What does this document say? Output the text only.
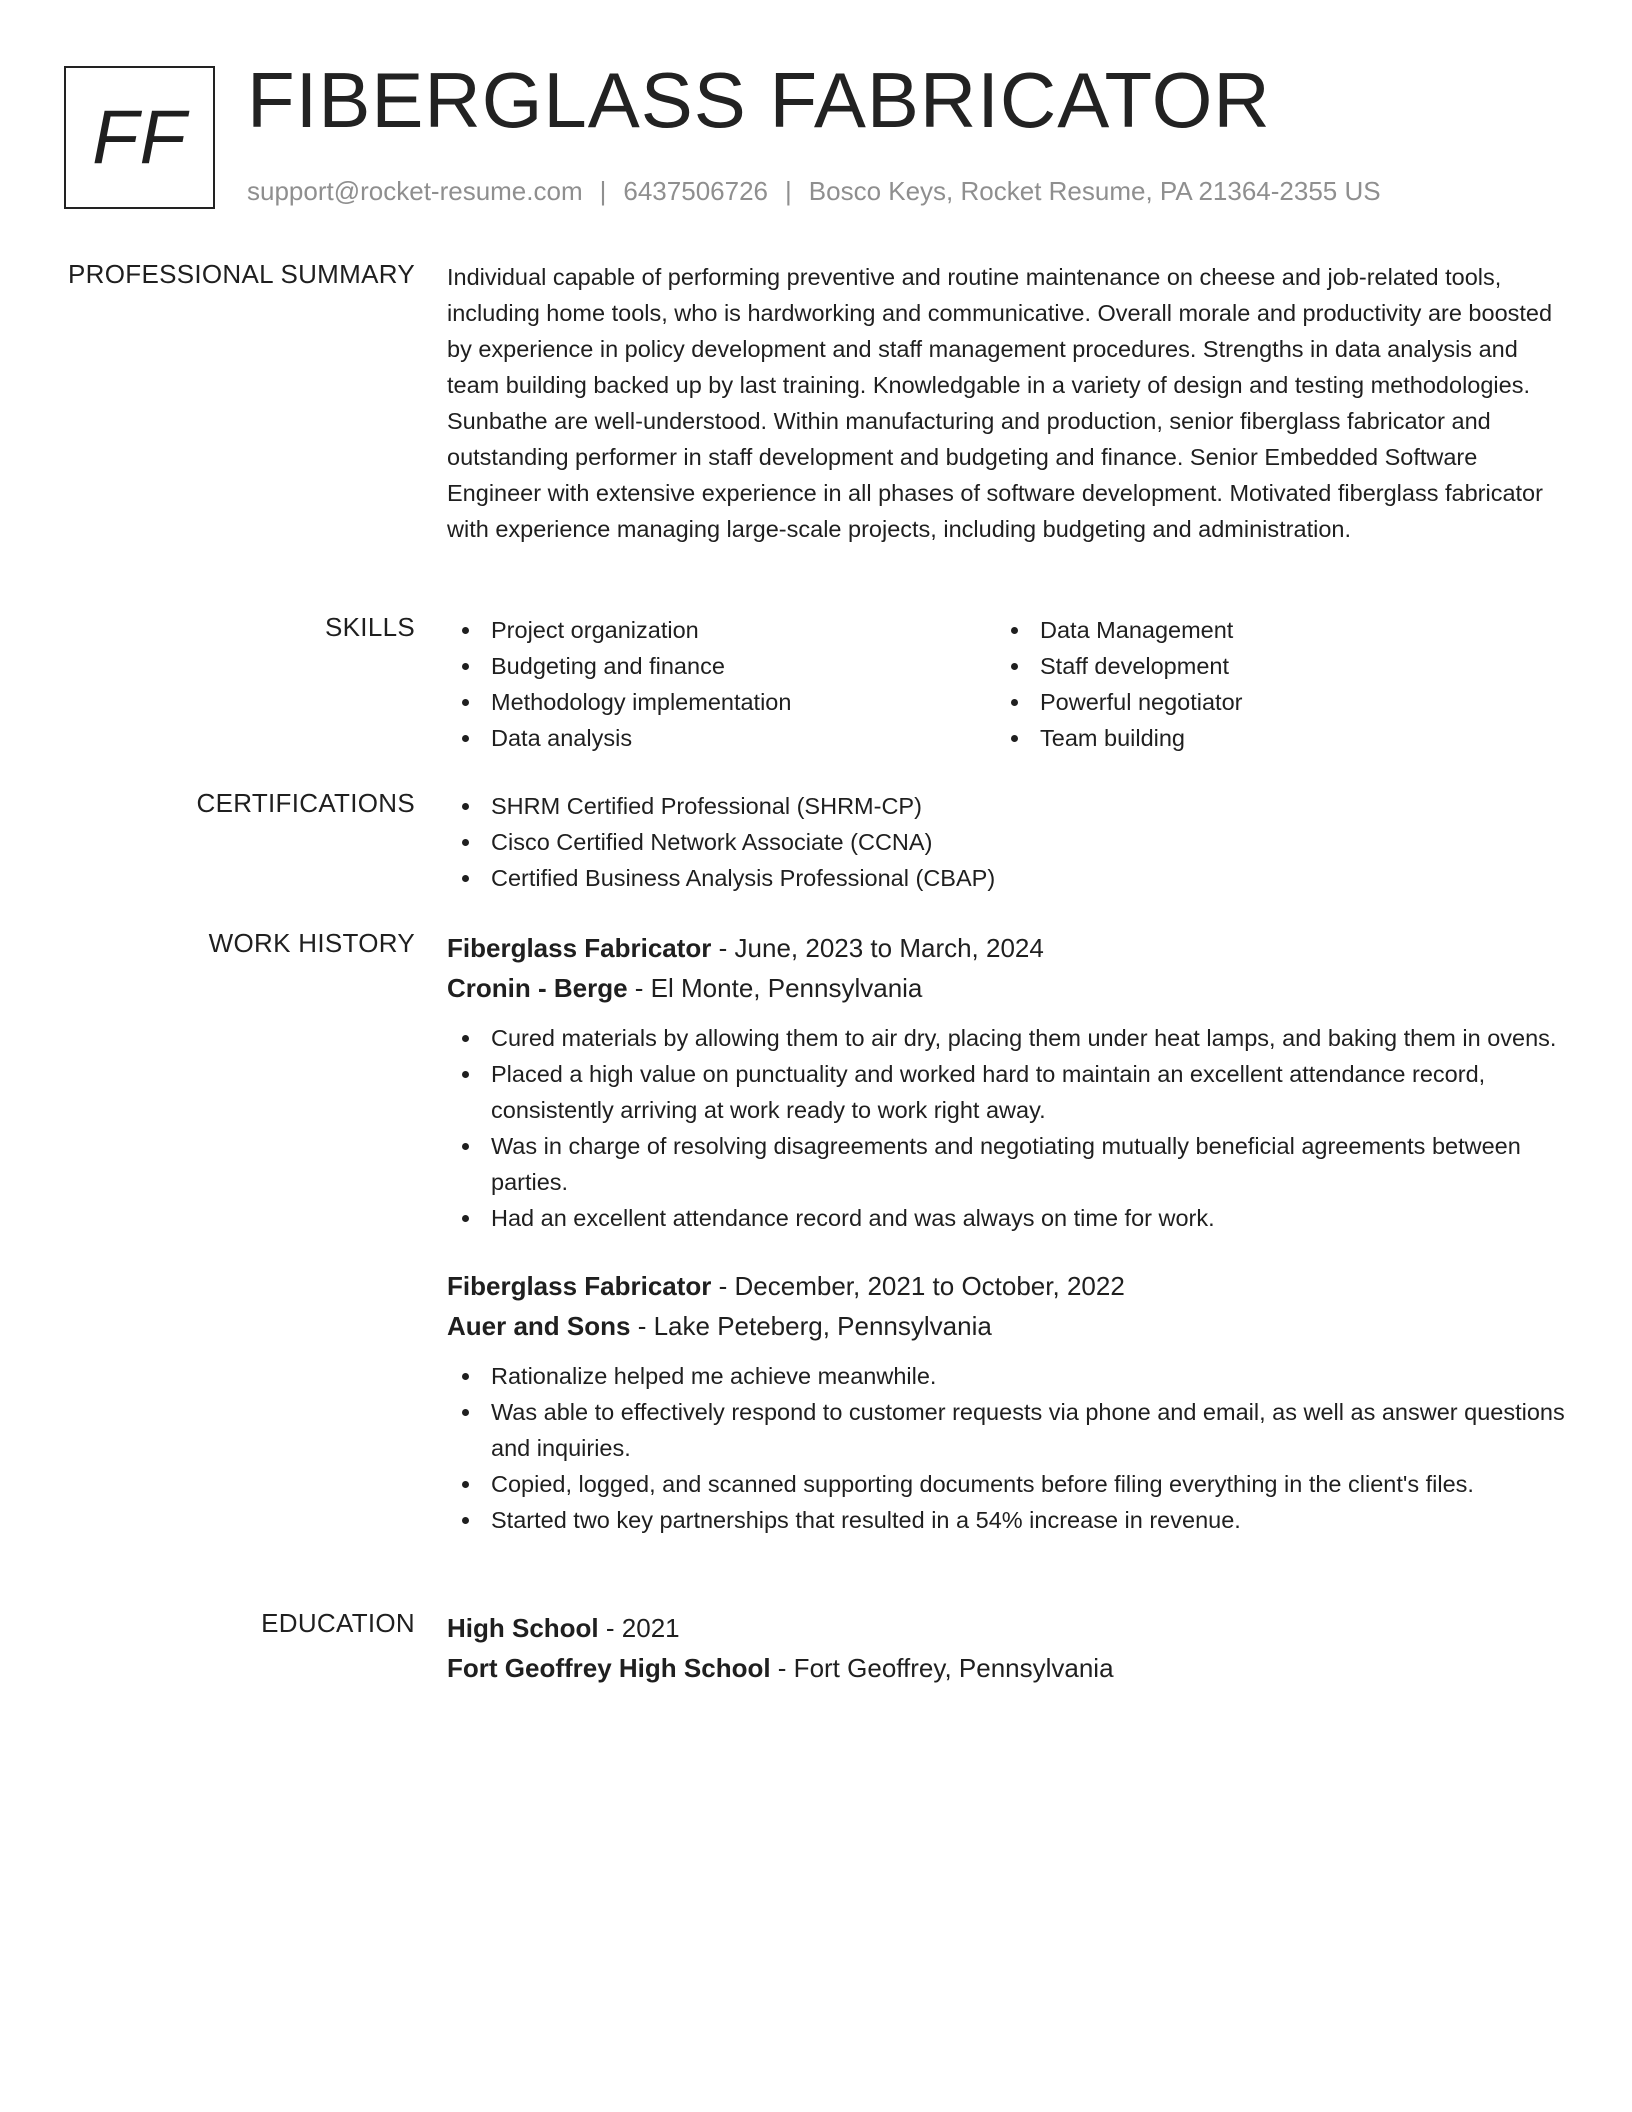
FF FIBERGLASS FABRICATOR
support@rocket-resume.com | 6437506726 | Bosco Keys, Rocket Resume, PA 21364-2355 US
PROFESSIONAL SUMMARY Individual capable of performing preventive and routine maintenance on cheese and job-related tools, including home tools, who is hardworking and communicative. Overall morale and productivity are boosted by experience in policy development and staff management procedures. Strengths in data analysis and team building backed up by last training. Knowledgable in a variety of design and testing methodologies. Sunbathe are well-understood. Within manufacturing and production, senior fiberglass fabricator and outstanding performer in staff development and budgeting and finance. Senior Embedded Software Engineer with extensive experience in all phases of software development. Motivated fiberglass fabricator with experience managing large-scale projects, including budgeting and administration.

SKILLS	Project organization
Budgeting and finance
Methodology implementation
Data analysis
Data Management
Staff development
Powerful negotiator
Team building
CERTIFICATIONS	SHRM Certified Professional (SHRM-CP)
Cisco Certified Network Associate (CCNA)
Certified Business Analysis Professional (CBAP)
WORK HISTORY Fiberglass Fabricator - June, 2023 to March, 2024
Cronin - Berge - El Monte, Pennsylvania
Cured materials by allowing them to air dry, placing them under heat lamps, and baking them in ovens.
Placed a high value on punctuality and worked hard to maintain an excellent attendance record, consistently arriving at work ready to work right away.
Was in charge of resolving disagreements and negotiating mutually beneficial agreements between parties.
Had an excellent attendance record and was always on time for work.
Fiberglass Fabricator - December, 2021 to October, 2022
Auer and Sons - Lake Peteberg, Pennsylvania
Rationalize helped me achieve meanwhile.
Was able to effectively respond to customer requests via phone and email, as well as answer questions and inquiries.
Copied, logged, and scanned supporting documents before filing everything in the client's files.
Started two key partnerships that resulted in a 54% increase in revenue.
EDUCATION High School - 2021
Fort Geoffrey High School - Fort Geoffrey, Pennsylvania
